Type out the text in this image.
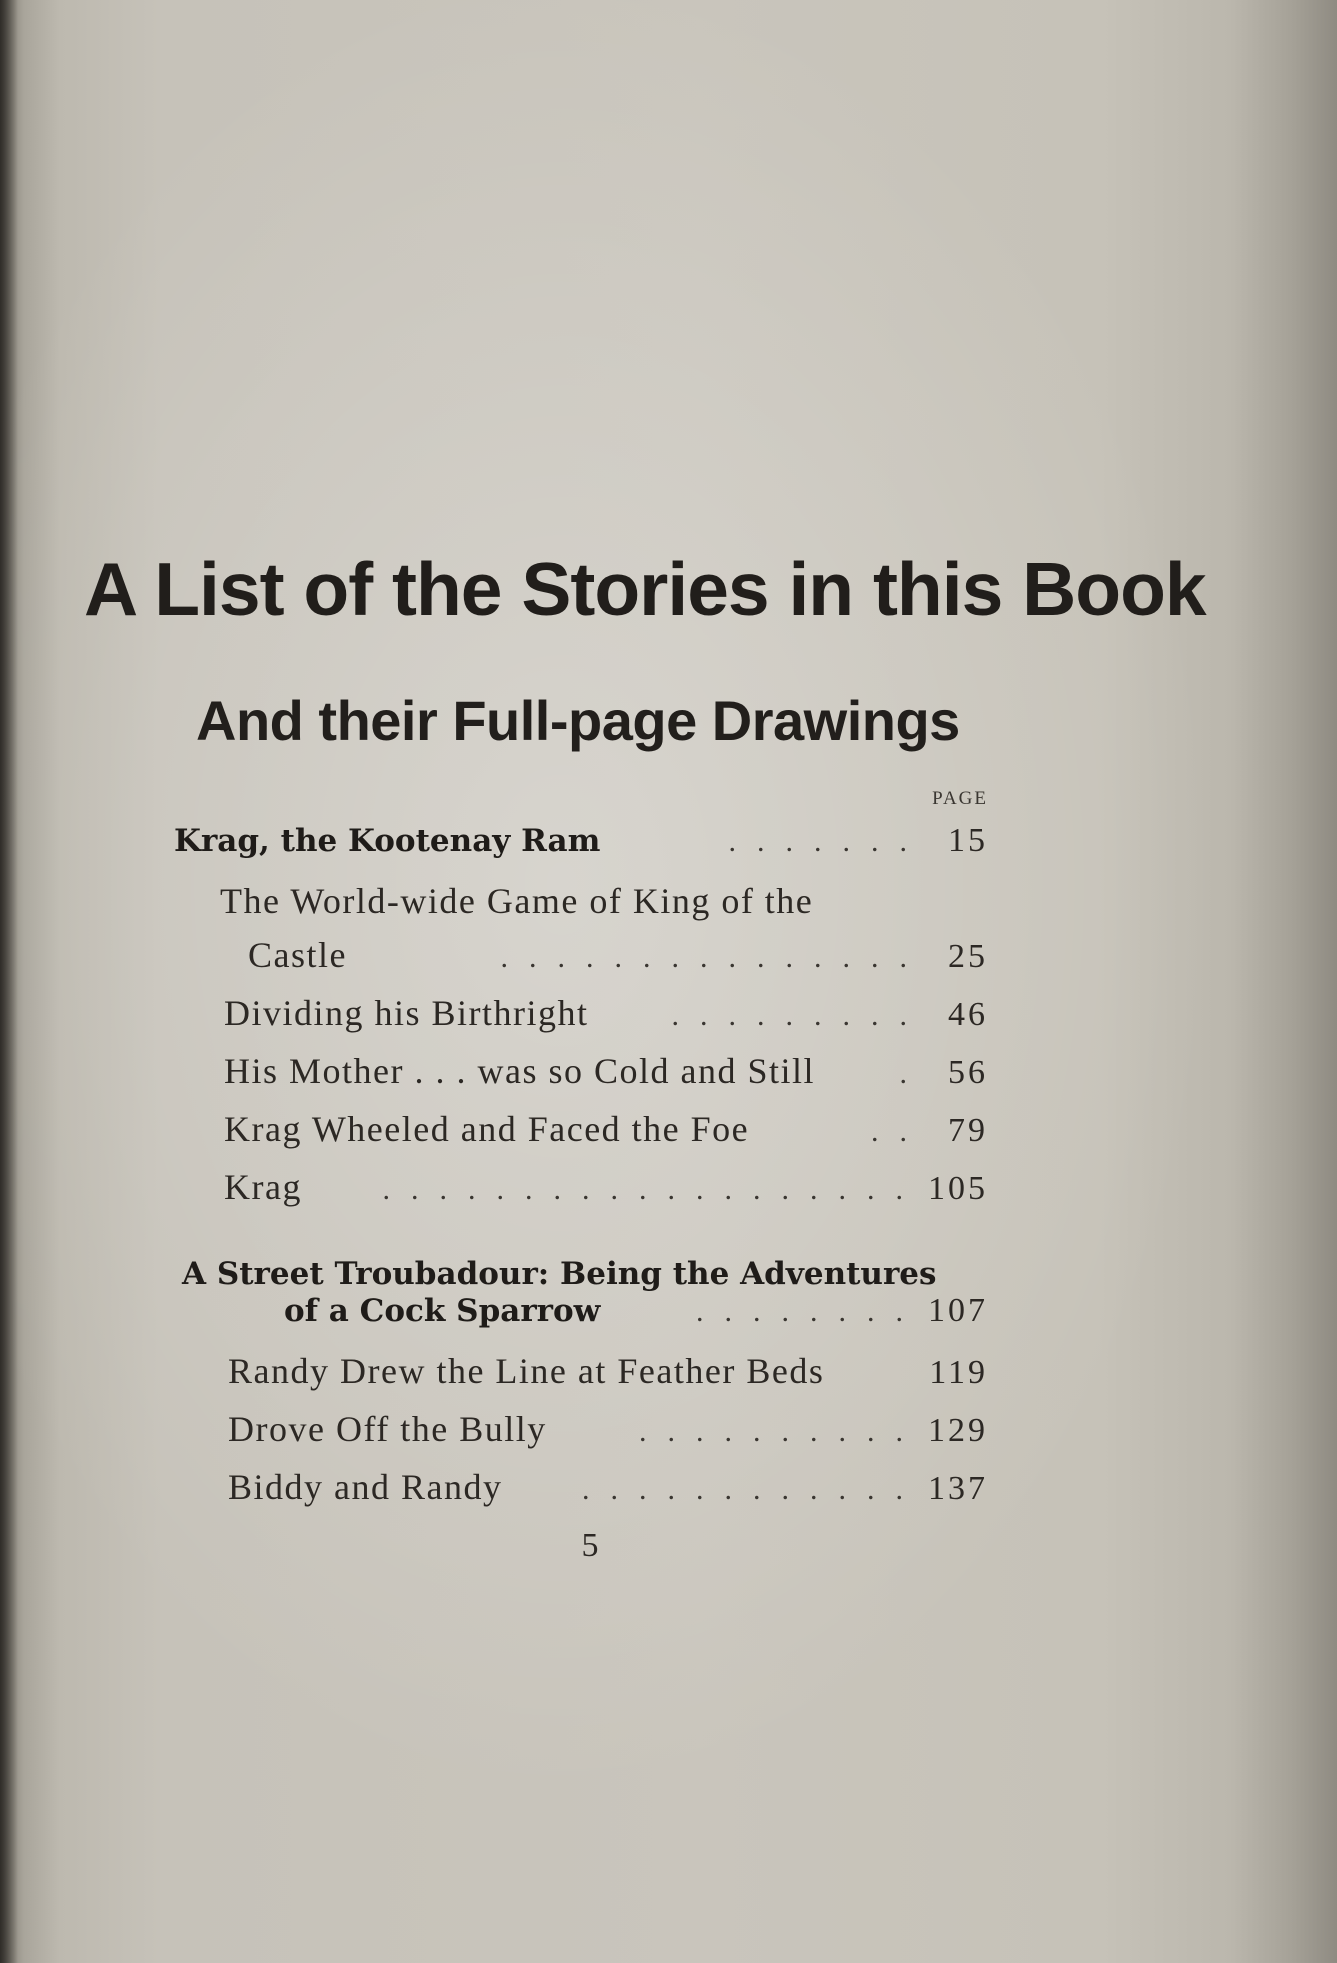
A List of the Stories in this Book
And their Full-page Drawings
PAGE
Krag, the Kootenay Ram	....... 15
The World-wide Game of King of the
Castle	............... 25
Dividing his Birthright	......... 46
His Mother . . . was so Cold and Still	. 56
Krag Wheeled and Faced the Foe	.. 79
Krag	................... 105
A Street Troubadour: Being the Adventures
of a Cock Sparrow	........ 107
Randy Drew the Line at Feather Beds	119
Drove Off the Bully	.......... 129
Biddy and Randy	............ 137
5
